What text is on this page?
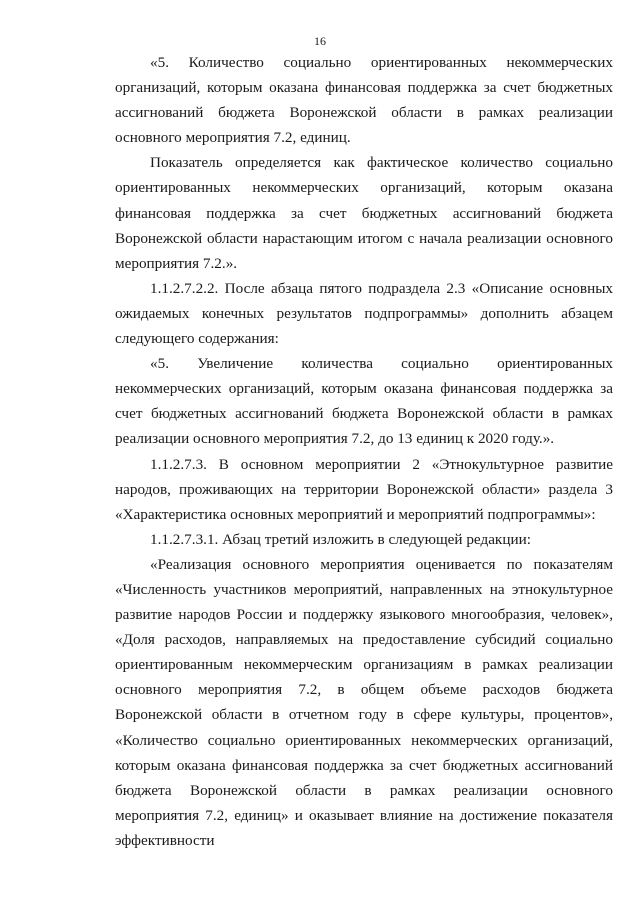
16

«5. Количество социально ориентированных некоммерческих организаций, которым оказана финансовая поддержка за счет бюджетных ассигнований бюджета Воронежской области в рамках реализации основного мероприятия 7.2, единиц.

Показатель определяется как фактическое количество социально ориентированных некоммерческих организаций, которым оказана финансовая поддержка за счет бюджетных ассигнований бюджета Воронежской области нарастающим итогом с начала реализации основного мероприятия 7.2.».

1.1.2.7.2.2. После абзаца пятого подраздела 2.3 «Описание основных ожидаемых конечных результатов подпрограммы» дополнить абзацем следующего содержания:

«5. Увеличение количества социально ориентированных некоммерческих организаций, которым оказана финансовая поддержка за счет бюджетных ассигнований бюджета Воронежской области в рамках реализации основного мероприятия 7.2, до 13 единиц к 2020 году.».

1.1.2.7.3. В основном мероприятии 2 «Этнокультурное развитие народов, проживающих на территории Воронежской области» раздела 3 «Характеристика основных мероприятий и мероприятий подпрограммы»:

1.1.2.7.3.1. Абзац третий изложить в следующей редакции:

«Реализация основного мероприятия оценивается по показателям «Численность участников мероприятий, направленных на этнокультурное развитие народов России и поддержку языкового многообразия, человек», «Доля расходов, направляемых на предоставление субсидий социально ориентированным некоммерческим организациям в рамках реализации основного мероприятия 7.2, в общем объеме расходов бюджета Воронежской области в отчетном году в сфере культуры, процентов», «Количество социально ориентированных некоммерческих организаций, которым оказана финансовая поддержка за счет бюджетных ассигнований бюджета Воронежской области в рамках реализации основного мероприятия 7.2, единиц» и оказывает влияние на достижение показателя эффективности
